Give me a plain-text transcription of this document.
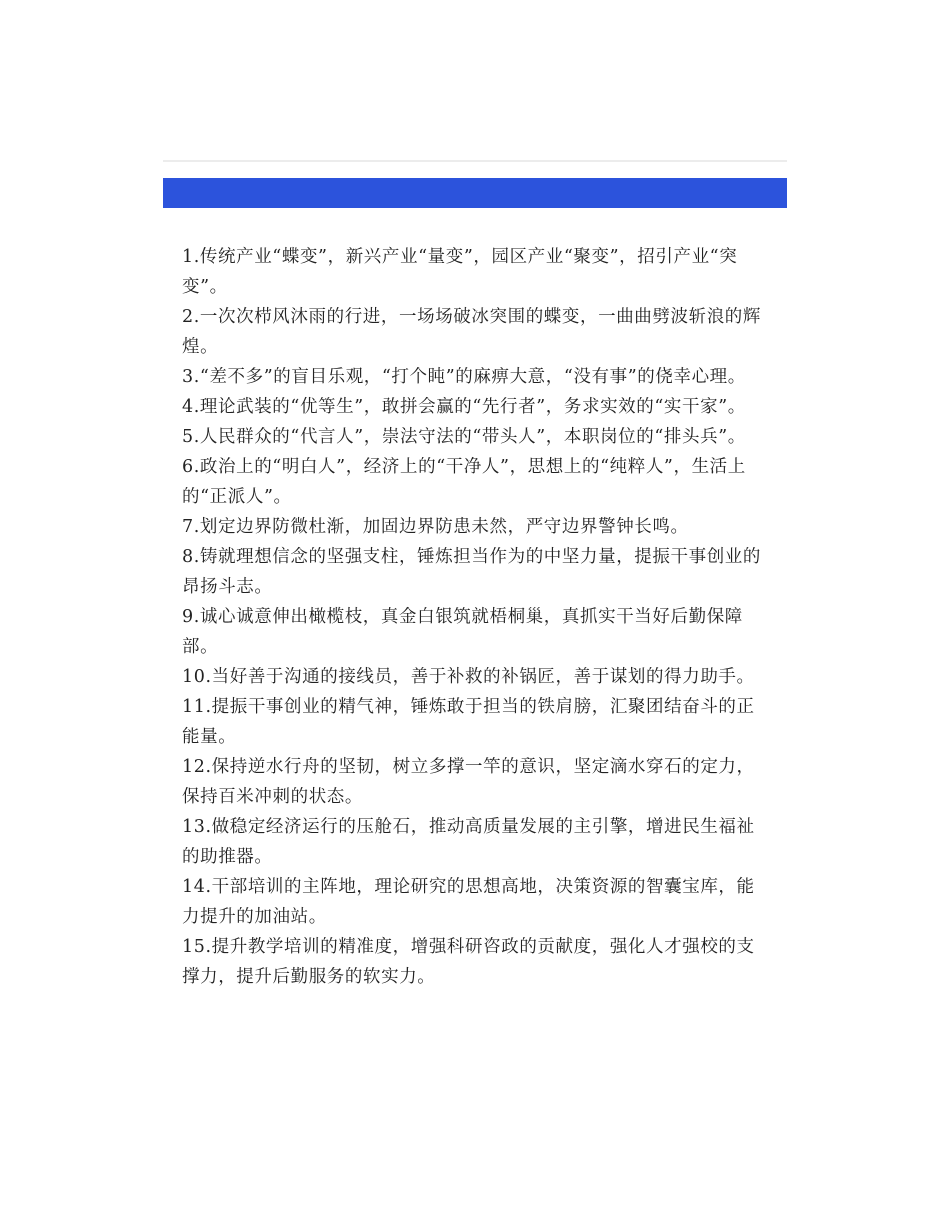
1.传统产业“蝶变”，新兴产业“量变”，园区产业“聚变”，招引产业“突变”。
2.一次次栉风沐雨的行进，一场场破冰突围的蝶变，一曲曲劈波斩浪的辉煌。
3.“差不多”的盲目乐观，“打个盹”的麻痹大意，“没有事”的侥幸心理。
4.理论武装的“优等生”，敢拼会赢的“先行者”，务求实效的“实干家”。
5.人民群众的“代言人”，崇法守法的“带头人”，本职岗位的“排头兵”。
6.政治上的“明白人”，经济上的“干净人”，思想上的“纯粹人”，生活上的“正派人”。
7.划定边界防微杜渐，加固边界防患未然，严守边界警钟长鸣。
8.铸就理想信念的坚强支柱，锤炼担当作为的中坚力量，提振干事创业的昂扬斗志。
9.诚心诚意伸出橄榄枝，真金白银筑就梧桐巢，真抓实干当好后勤保障部。
10.当好善于沟通的接线员，善于补救的补锅匠，善于谋划的得力助手。
11.提振干事创业的精气神，锤炼敢于担当的铁肩膀，汇聚团结奋斗的正能量。
12.保持逆水行舟的坚韧，树立多撑一竿的意识，坚定滴水穿石的定力，保持百米冲刺的状态。
13.做稳定经济运行的压舱石，推动高质量发展的主引擎，增进民生福祉的助推器。
14.干部培训的主阵地，理论研究的思想高地，决策资源的智囊宝库，能力提升的加油站。
15.提升教学培训的精准度，增强科研咨政的贡献度，强化人才强校的支撑力，提升后勤服务的软实力。
